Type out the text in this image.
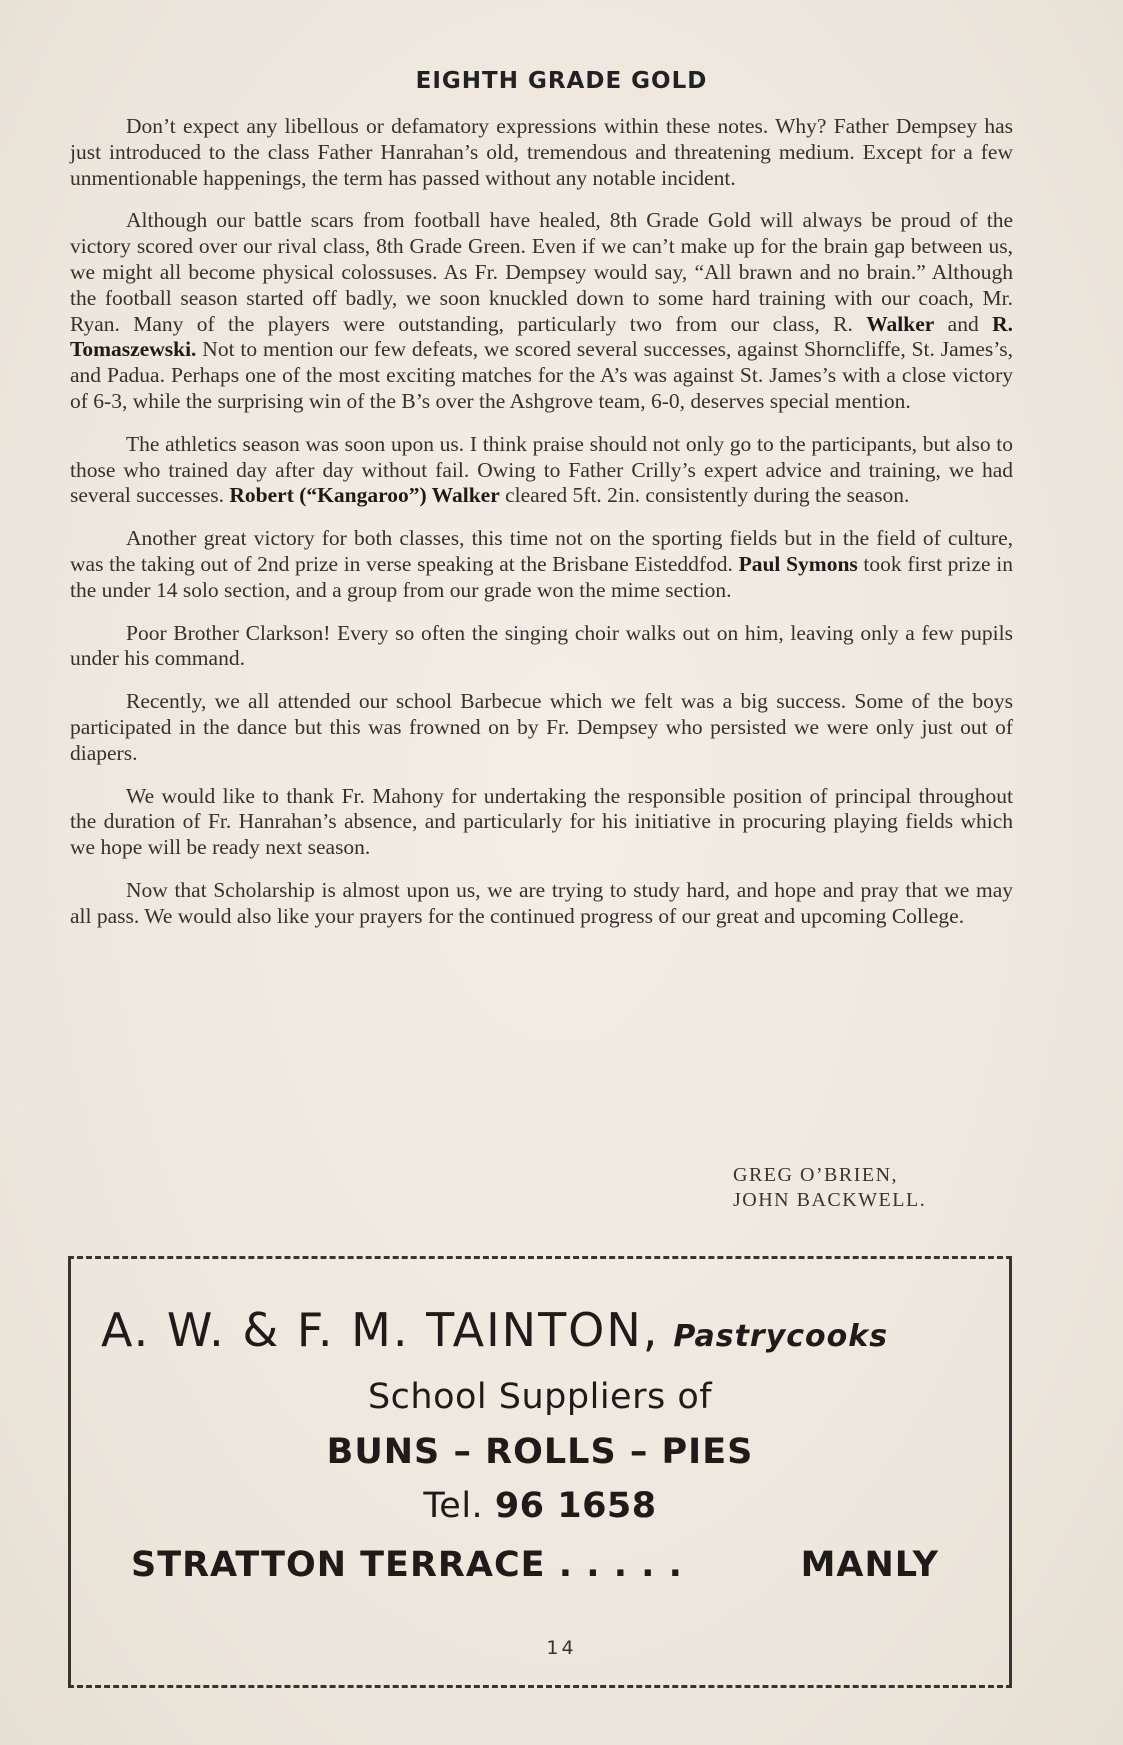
EIGHTH GRADE GOLD

Don’t expect any libellous or defamatory expressions within these notes. Why? Father Dempsey has just introduced to the class Father Hanrahan’s old, tremendous and threatening medium. Except for a few unmentionable happenings, the term has passed without any notable incident.

Although our battle scars from football have healed, 8th Grade Gold will always be proud of the victory scored over our rival class, 8th Grade Green. Even if we can’t make up for the brain gap between us, we might all become physical colossuses. As Fr. Dempsey would say, “All brawn and no brain.” Although the football season started off badly, we soon knuckled down to some hard training with our coach, Mr. Ryan. Many of the players were outstanding, particularly two from our class, R. Walker and R. Tomaszewski. Not to mention our few defeats, we scored several successes, against Shorncliffe, St. James’s, and Padua. Perhaps one of the most exciting matches for the A’s was against St. James’s with a close victory of 6-3, while the surprising win of the B’s over the Ashgrove team, 6-0, deserves special mention.

The athletics season was soon upon us. I think praise should not only go to the participants, but also to those who trained day after day without fail. Owing to Father Crilly’s expert advice and training, we had several successes. Robert (“Kangaroo”) Walker cleared 5ft. 2in. consistently during the season.

Another great victory for both classes, this time not on the sporting fields but in the field of culture, was the taking out of 2nd prize in verse speaking at the Brisbane Eisteddfod. Paul Symons took first prize in the under 14 solo section, and a group from our grade won the mime section.

Poor Brother Clarkson! Every so often the singing choir walks out on him, leaving only a few pupils under his command.

Recently, we all attended our school Barbecue which we felt was a big success. Some of the boys participated in the dance but this was frowned on by Fr. Dempsey who persisted we were only just out of diapers.

We would like to thank Fr. Mahony for undertaking the responsible position of principal throughout the duration of Fr. Hanrahan’s absence, and particularly for his initiative in procuring playing fields which we hope will be ready next season.

Now that Scholarship is almost upon us, we are trying to study hard, and hope and pray that we may all pass. We would also like your prayers for the continued progress of our great and upcoming College.

GREG O’BRIEN,
JOHN BACKWELL.
A. W. & F. M. TAINTON, Pastrycooks
School Suppliers of
BUNS – ROLLS – PIES
Tel. 96 1658
STRATTON TERRACE . . . . .	MANLY
14
